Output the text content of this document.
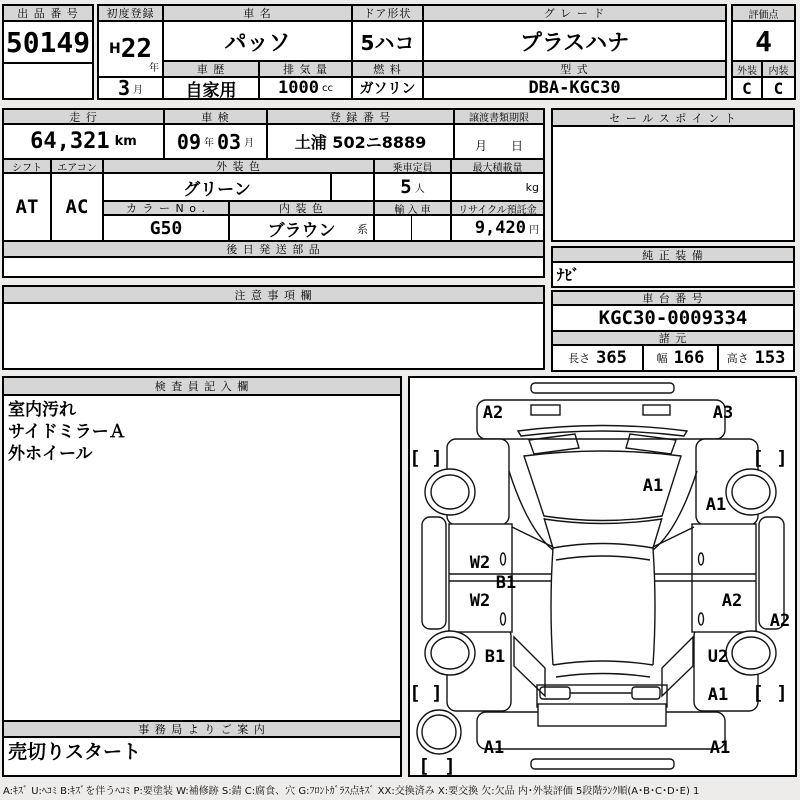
出 品 番 号
50149
初度登録	車 名	ドア形状	グ レ ー ド
H 22
年
3 月
パッソ	5ハコ	プラスハナ
車 歴	排 気 量	燃 料	型 式
自家用	1000 cc	ガソリン	DBA-KGC30
評価点
4
外装	内装
C	C
走 行	車 検	登 録 番 号	譲渡書類期限
64,321 km 09 年 03 月	土浦 502ニ8889	月　　日
シフト	エアコン	外 装 色	乗車定員	最大積載量
AT	AC
グリーン	5 人	kg
カ ラ ー N o .	内 装 色	輸 入 車	リサイクル預託金
G50	ブラウン 系	9,420 円
後 日 発 送 部 品
セ ー ル ス ポ イ ン ト
純 正 装 備
ﾅﾋﾞ
車 台 番 号
KGC30-0009334
諸 元
長さ 365	幅 166 高さ 153
注 意 事 項 欄
検 査 員 記 入 欄
室内汚れ
サイドミラーＡ
外ホイール
事 務 局 よ り ご 案 内
売切りスタート
[ ]	[ ]
[ ]	[ ]
[ ]
A2	A3
A1
A1
W2
B1
W2	A2
A2
B1	U2
A1
A1	A1
A:ｷｽﾞ U:ﾍｺﾐ B:ｷｽﾞを伴うﾍｺﾐ P:要塗装 W:補修跡 S:錆 C:腐食、穴 G:ﾌﾛﾝﾄｶﾞﾗｽ点ｷｽﾞ XX:交換済み X:要交換 欠:欠品 内･外装評価 5段階ﾗﾝｸ順(A･B･C･D･E) 1
